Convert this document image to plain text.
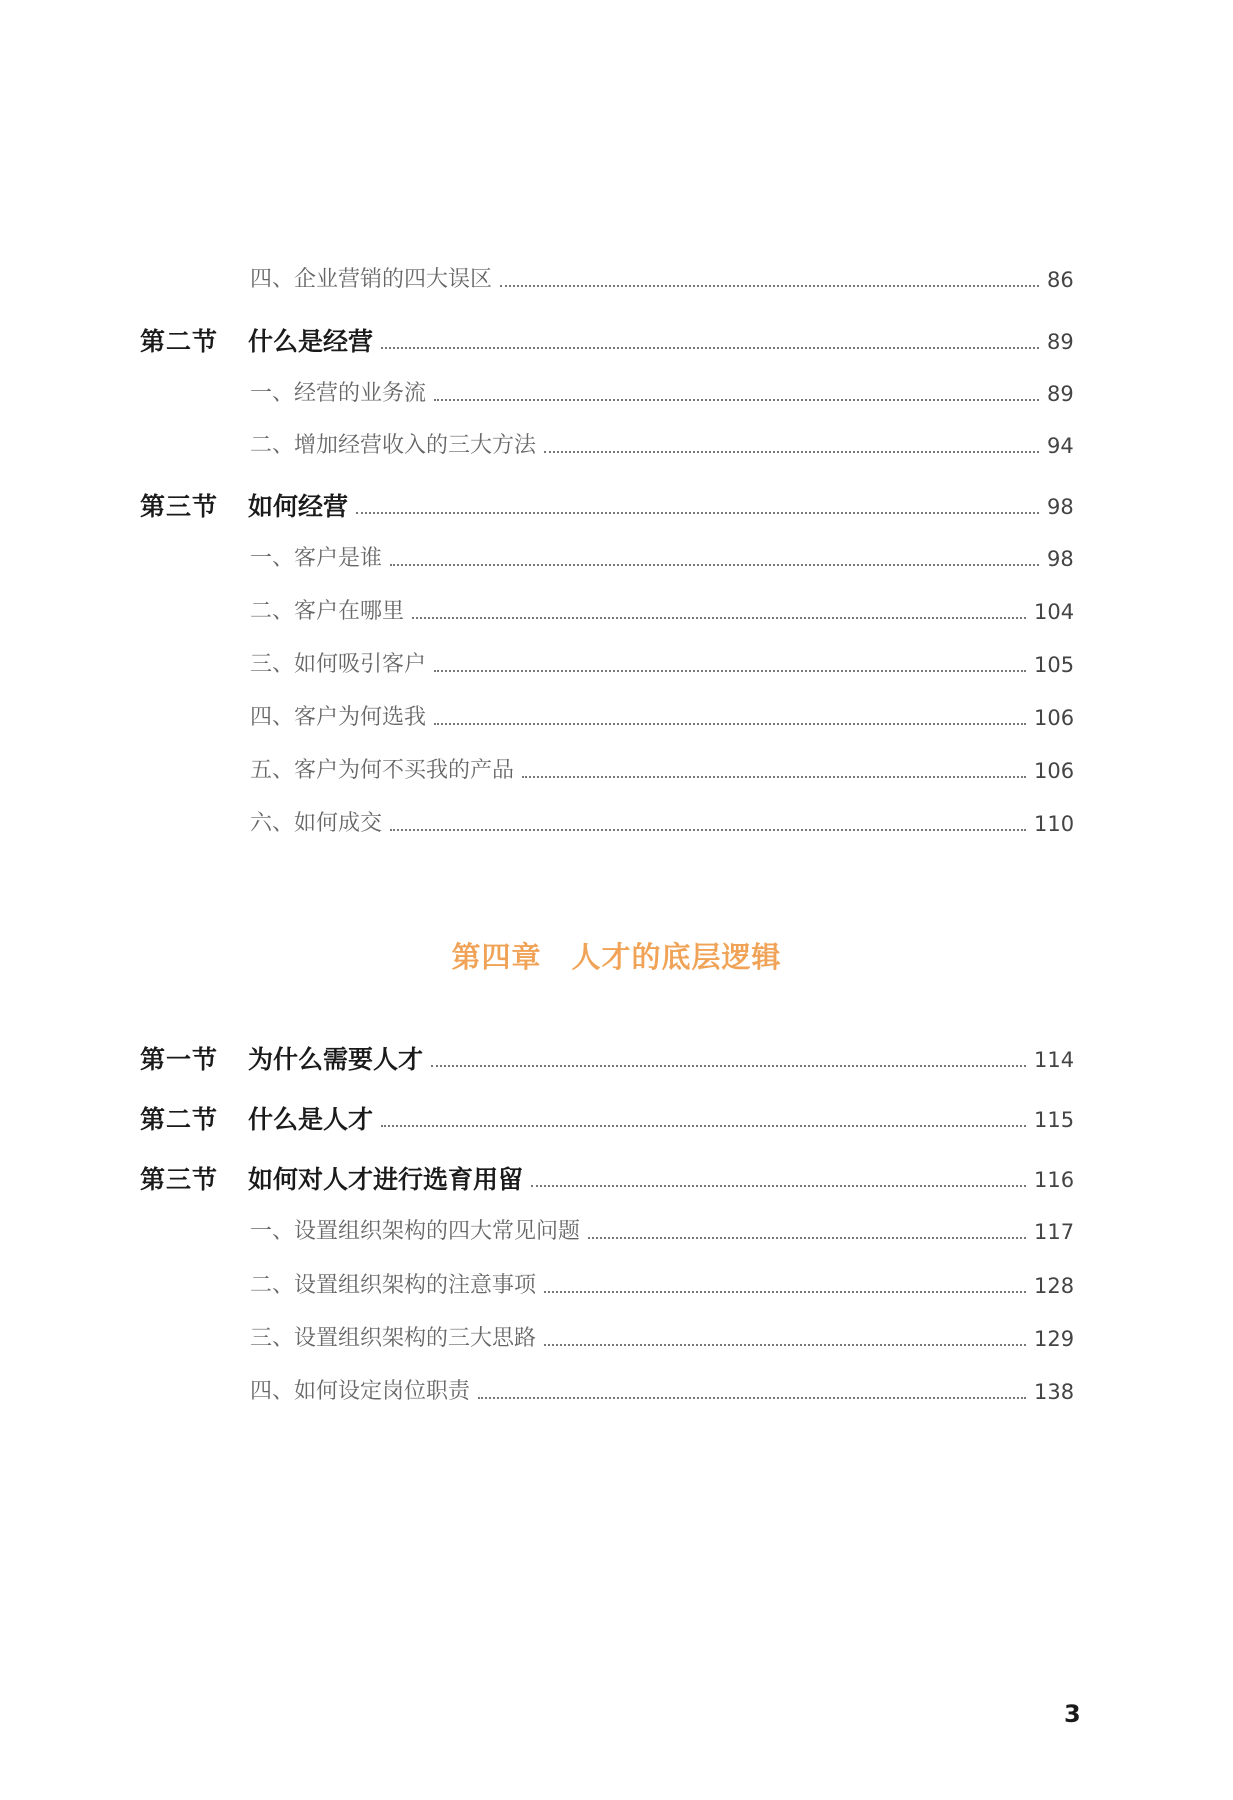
四、企业营销的四大误区	86
第二节 什么是经营	89
一、经营的业务流	89
二、增加经营收入的三大方法	94
第三节 如何经营	98
一、客户是谁	98
二、客户在哪里	104
三、如何吸引客户	105
四、客户为何选我	106
五、客户为何不买我的产品	106
六、如何成交	110
第四章 人才的底层逻辑
第一节 为什么需要人才	114
第二节 什么是人才	115
第三节 如何对人才进行选育用留	116
一、设置组织架构的四大常见问题	117
二、设置组织架构的注意事项	128
三、设置组织架构的三大思路	129
四、如何设定岗位职责	138
3
